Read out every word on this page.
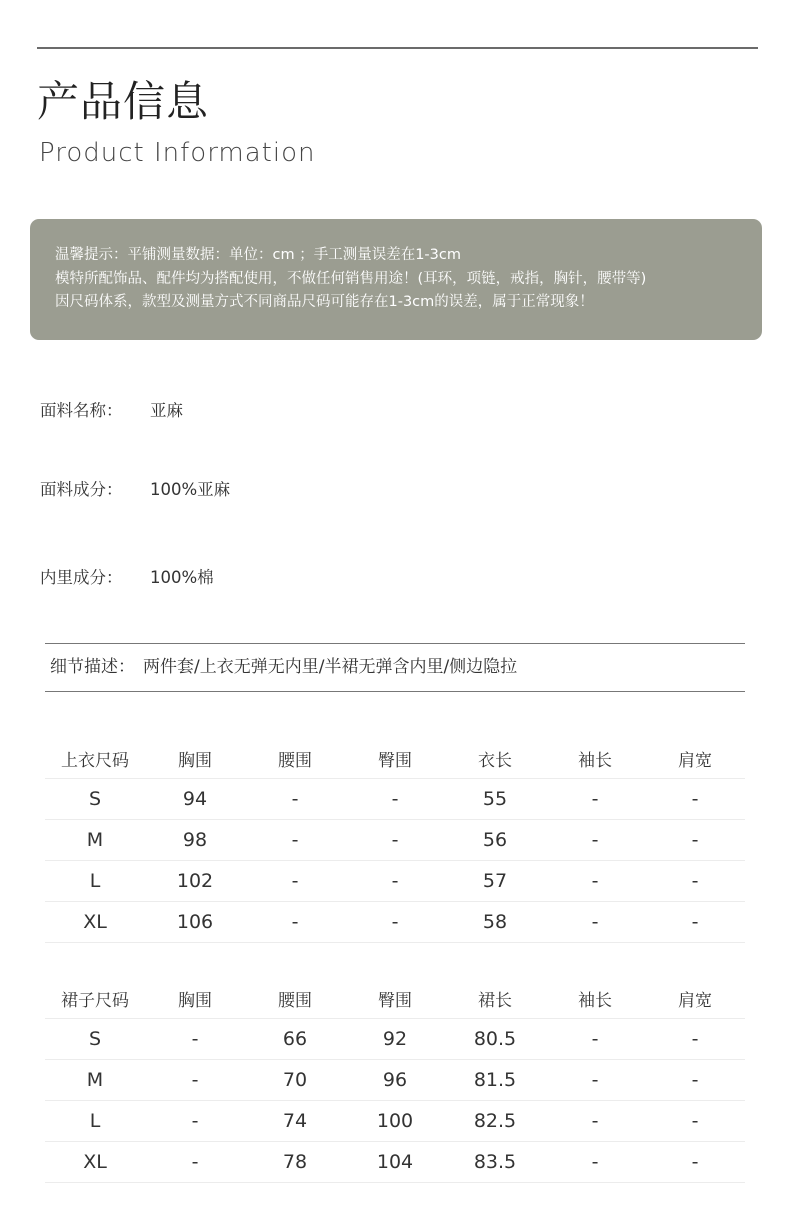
产品信息
Product Information
温馨提示：平铺测量数据：单位：cm ；手工测量误差在1-3cm
模特所配饰品、配件均为搭配使用，不做任何销售用途！(耳环，项链，戒指，胸针，腰带等)
因尺码体系，款型及测量方式不同商品尺码可能存在1-3cm的误差，属于正常现象！
面料名称： 亚麻
面料成分： 100%亚麻
内里成分： 100%棉
细节描述： 两件套/上衣无弹无内里/半裙无弹含内里/侧边隐拉
上衣尺码	胸围	腰围	臀围	衣长	袖长	肩宽
S	94	-	-	55	-	-
M	98	-	-	56	-	-
L	102	-	-	57	-	-
XL	106	-	-	58	-	-
裙子尺码	胸围	腰围	臀围	裙长	袖长	肩宽
S	-	66	92	80.5	-	-
M	-	70	96	81.5	-	-
L	-	74	100	82.5	-	-
XL	-	78	104	83.5	-	-
